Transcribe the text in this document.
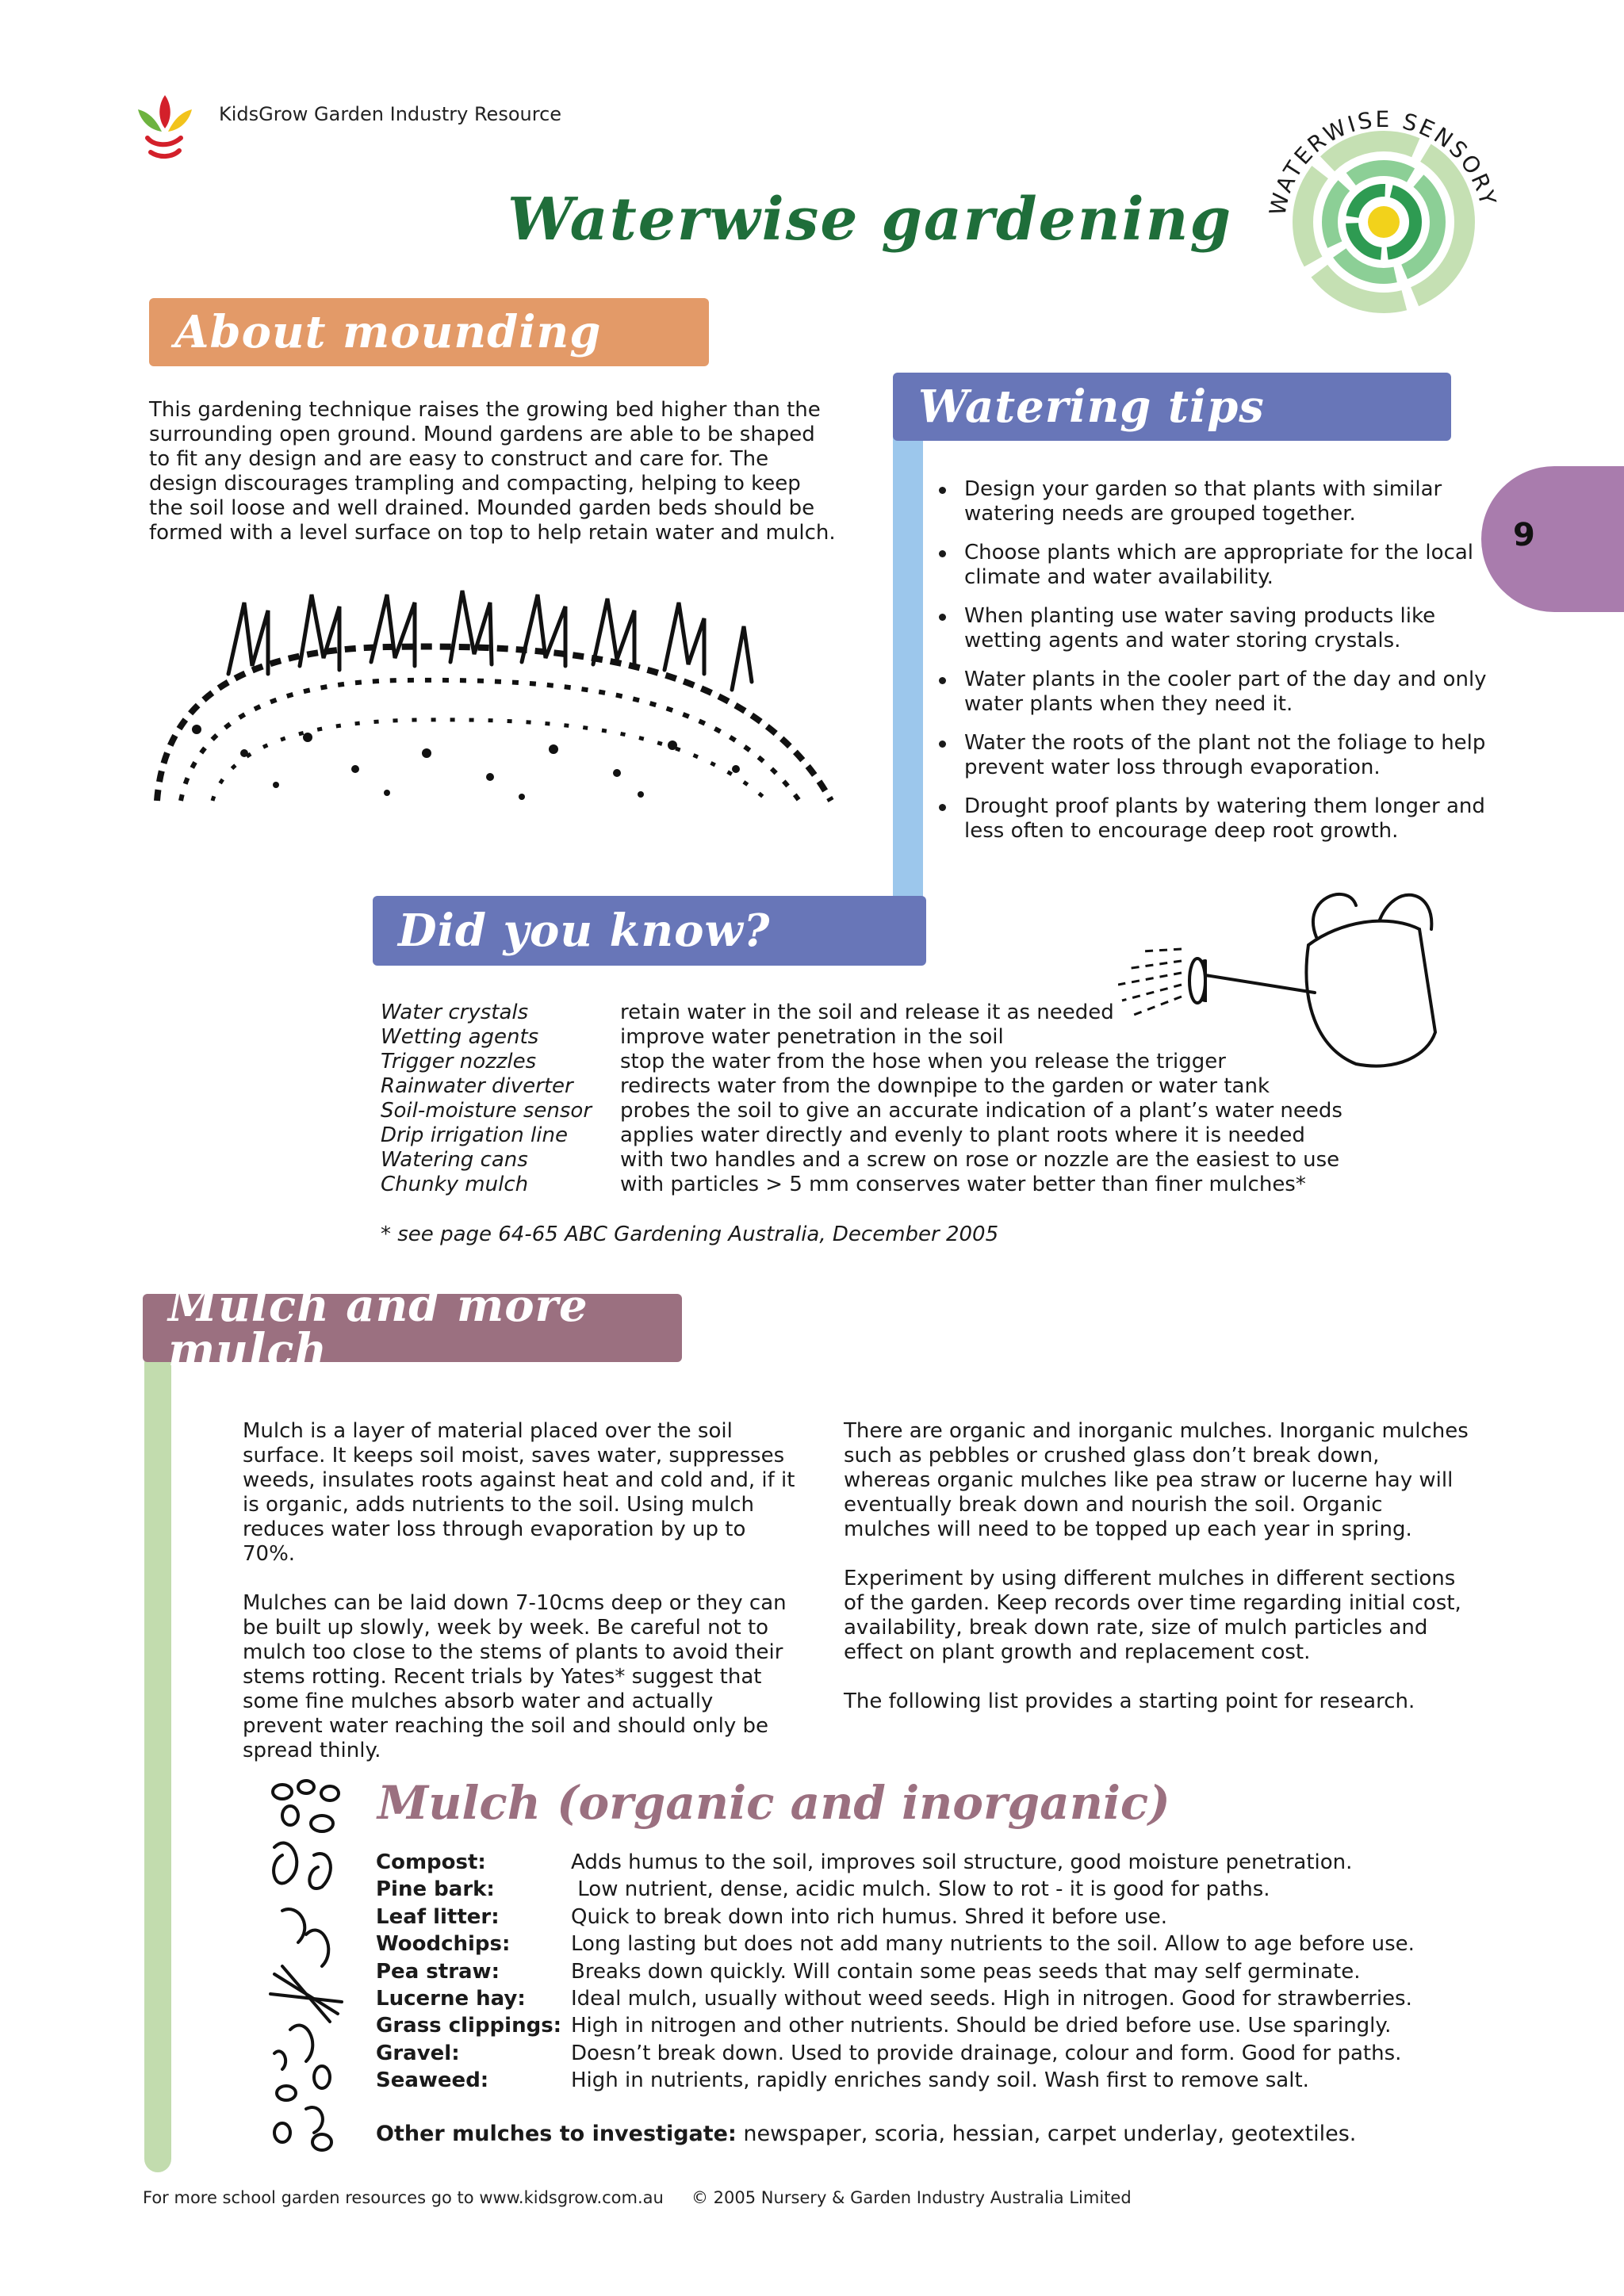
KidsGrow Garden Industry Resource
Waterwise gardening	WATERWISE SENSORY
9
About mounding
This gardening technique raises the growing bed higher than the surrounding open ground. Mound gardens are able to be shaped to fit any design and are easy to construct and care for. The design discourages trampling and compacting, helping to keep the soil loose and well drained. Mounded garden beds should be formed with a level surface on top to help retain water and mulch.
Watering tips
Design your garden so that plants with similar watering needs are grouped together.
Choose plants which are appropriate for the local climate and water availability.
When planting use water saving products like wetting agents and water storing crystals.
Water plants in the cooler part of the day and only water plants when they need it.
Water the roots of the plant not the foliage to help prevent water loss through evaporation.
Drought proof plants by watering them longer and less often to encourage deep root growth.
Did you know?
Water crystals	retain water in the soil and release it as needed
Wetting agents	improve water penetration in the soil
Trigger nozzles	stop the water from the hose when you release the trigger
Rainwater diverter	redirects water from the downpipe to the garden or water tank
Soil-moisture sensor	probes the soil to give an accurate indication of a plant’s water needs
Drip irrigation line	applies water directly and evenly to plant roots where it is needed
Watering cans	with two handles and a screw on rose or nozzle are the easiest to use
Chunky mulch	with particles > 5 mm conserves water better than finer mulches*
* see page 64-65 ABC Gardening Australia, December 2005
Mulch and more mulch
Mulch is a layer of material placed over the soil surface. It keeps soil moist, saves water, suppresses weeds, insulates roots against heat and cold and, if it is organic, adds nutrients to the soil. Using mulch reduces water loss through evaporation by up to 70%.
Mulches can be laid down 7-10cms deep or they can be built up slowly, week by week. Be careful not to mulch too close to the stems of plants to avoid their stems rotting. Recent trials by Yates* suggest that some fine mulches absorb water and actually prevent water reaching the soil and should only be spread thinly.
There are organic and inorganic mulches. Inorganic mulches such as pebbles or crushed glass don’t break down, whereas organic mulches like pea straw or lucerne hay will eventually break down and nourish the soil. Organic mulches will need to be topped up each year in spring.
Experiment by using different mulches in different sections of the garden. Keep records over time regarding initial cost, availability, break down rate, size of mulch particles and effect on plant growth and replacement cost.
The following list provides a starting point for research.
Mulch (organic and inorganic)
Compost:	Adds humus to the soil, improves soil structure, good moisture penetration.
Pine bark:	Low nutrient, dense, acidic mulch. Slow to rot - it is good for paths.
Leaf litter:	Quick to break down into rich humus. Shred it before use.
Woodchips:	Long lasting but does not add many nutrients to the soil. Allow to age before use.
Pea straw:	Breaks down quickly. Will contain some peas seeds that may self germinate.
Lucerne hay:	Ideal mulch, usually without weed seeds. High in nitrogen. Good for strawberries.
Grass clippings: High in nitrogen and other nutrients. Should be dried before use. Use sparingly.
Gravel:	Doesn’t break down. Used to provide drainage, colour and form. Good for paths.
Seaweed:	High in nutrients, rapidly enriches sandy soil. Wash first to remove salt.
Other mulches to investigate: newspaper, scoria, hessian, carpet underlay, geotextiles.
For more school garden resources go to www.kidsgrow.com.au © 2005 Nursery & Garden Industry Australia Limited
